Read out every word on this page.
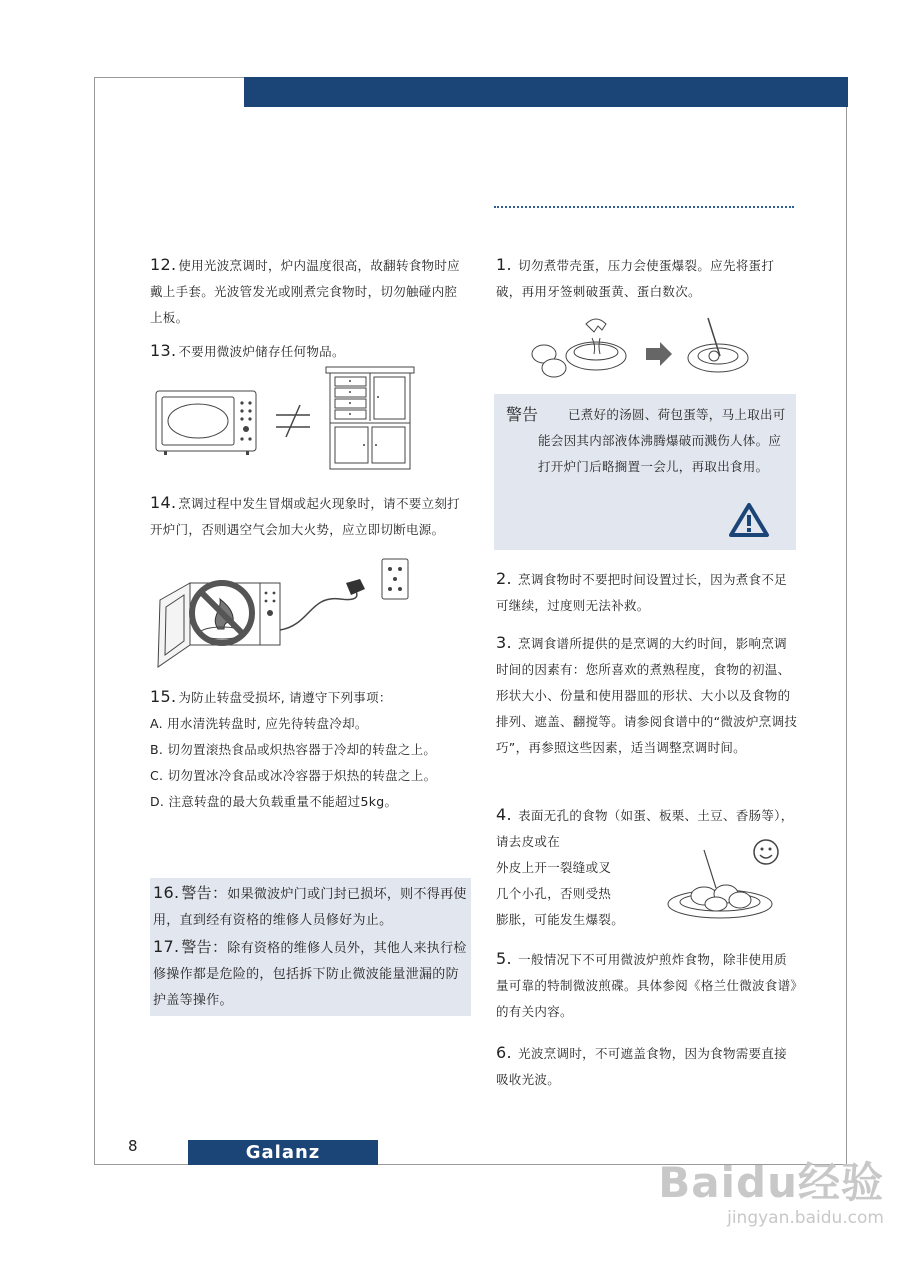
12. 使用光波烹调时，炉内温度很高，故翻转食物时应戴上手套。光波管发光或刚煮完食物时，切勿触碰内腔上板。

13. 不要用微波炉储存任何物品。

14. 烹调过程中发生冒烟或起火现象时，请不要立刻打开炉门，否则遇空气会加大火势，应立即切断电源。

15. 为防止转盘受损坏, 请遵守下列事项：

A. 用水清洗转盘时, 应先待转盘冷却。

B. 切勿置滚热食品或炽热容器于冷却的转盘之上。

C. 切勿置冰冷食品或冰冷容器于炽热的转盘之上。

D. 注意转盘的最大负载重量不能超过5kg。

16. 警告：如果微波炉门或门封已损坏，则不得再使用，直到经有资格的维修人员修好为止。

17. 警告：除有资格的维修人员外，其他人来执行检修操作都是危险的，包括拆下防止微波能量泄漏的防护盖等操作。

1. 切勿煮带壳蛋，压力会使蛋爆裂。应先将蛋打破，再用牙签刺破蛋黄、蛋白数次。

警告	已煮好的汤圆、荷包蛋等，马上取出可能会因其内部液体沸腾爆破而溅伤人体。应打开炉门后略搁置一会儿，再取出食用。

2. 烹调食物时不要把时间设置过长，因为煮食不足可继续，过度则无法补救。

3. 烹调食谱所提供的是烹调的大约时间，影响烹调时间的因素有：您所喜欢的煮熟程度，食物的初温、形状大小、份量和使用器皿的形状、大小以及食物的排列、遮盖、翻搅等。请参阅食谱中的“微波炉烹调技巧”，再参照这些因素，适当调整烹调时间。

4. 表面无孔的食物（如蛋、板栗、土豆、香肠等），请去皮或在

外皮上开一裂缝或叉

几个小孔，否则受热

膨胀，可能发生爆裂。

5. 一般情况下不可用微波炉煎炸食物，除非使用质量可靠的特制微波煎碟。具体参阅《格兰仕微波食谱》的有关内容。

6. 光波烹调时，不可遮盖食物，因为食物需要直接吸收光波。

8	Galanz
Baidu经验
jingyan.baidu.com
